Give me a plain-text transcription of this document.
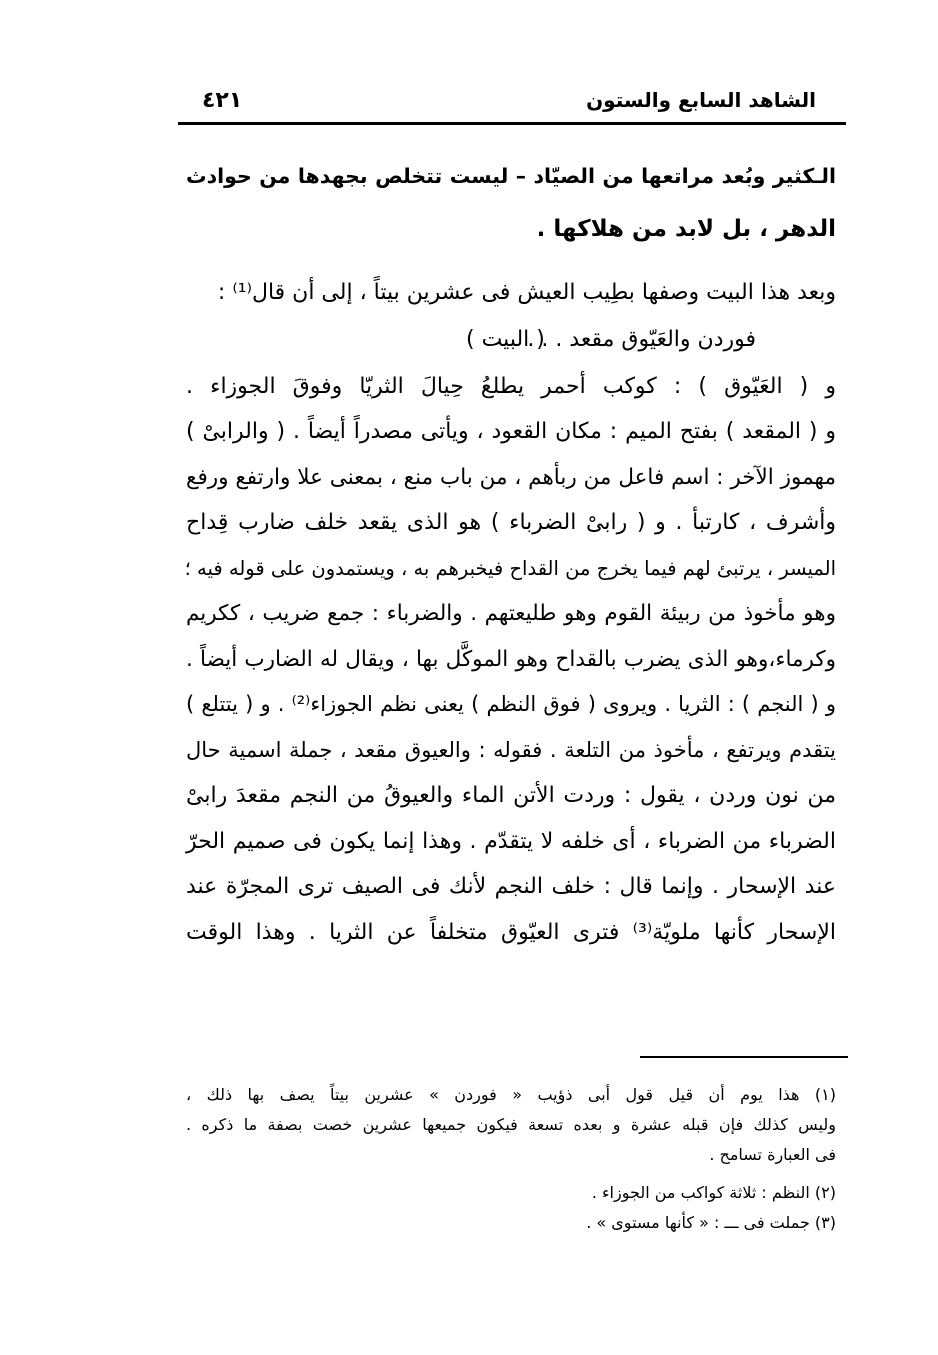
الشاهد السابع والستون
٤٢١
الـكثير وبُعد مراتعها من الصيّاد – ليست تتخلص بجهدها من حوادث
الدهر ، بل لابد من هلاكها .
وبعد هذا البيت وصفها بطِيب العيش فى عشرين بيتاً ، إلى أن قال⁽¹⁾ :
فوردن والعَيّوق مقعد . . .
( البيت )
و ( العَيّوق ) : كوكب أحمر يطلعُ حِيالَ الثريّا وفوقَ الجوزاء .
و ( المقعد ) بفتح الميم : مكان القعود ، ويأتى مصدراً أيضاً . ( والرابىْ )
مهموز الآخر : اسم فاعل من ربأهم ، من باب منع ، بمعنى علا وارتفع ورفع
وأشرف ، كارتبأ . و ( رابىْ الضرباء ) هو الذى يقعد خلف ضارب قِداح
الميسر ، يرتبئ لهم فيما يخرج من القداح فيخبرهم به ، ويستمدون على قوله فيه ؛
وهو مأخوذ من ربيئة القوم وهو طليعتهم . والضرباء : جمع ضريب ، ككريم
وكرماء،وهو الذى يضرب بالقداح وهو الموكَّل بها ، ويقال له الضارب أيضاً .
و ( النجم ) : الثريا . ويروى ( فوق النظم ) يعنى نظم الجوزاء⁽²⁾ . و ( يتتلع )
يتقدم ويرتفع ، مأخوذ من التلعة . فقوله : والعيوق مقعد ، جملة اسمية حال
من نون وردن ، يقول : وردت الأتن الماء والعيوقُ من النجم مقعدَ رابىْ
الضرباء من الضرباء ، أى خلفه لا يتقدّم . وهذا إنما يكون فى صميم الحرّ
عند الإسحار . وإنما قال : خلف النجم لأنك فى الصيف ترى المجرّة عند
الإسحار كأنها ملويّة⁽³⁾ فترى العيّوق متخلفاً عن الثريا . وهذا الوقت
(١) هذا يوم أن قيل قول أبى ذؤيب « فوردن » عشرين بيتاً يصف بها ذلك ،
وليس كذلك فإن قبله عشرة و بعده تسعة فيكون جميعها عشرين خصت بصفة ما ذكره .
فى العبارة تسامح .
(٢) النظم : ثلاثة كواكب من الجوزاء .
(٣) جملت فى ـــ : « كأنها مستوى » .
